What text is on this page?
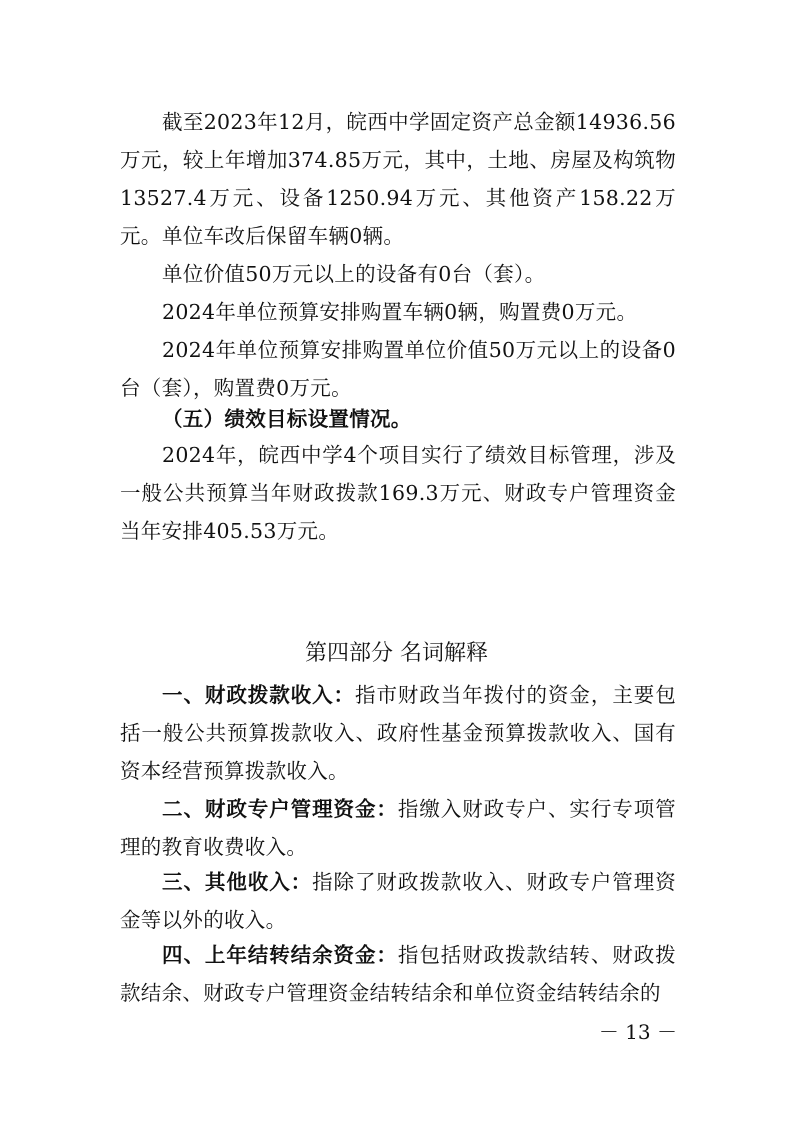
截至2023年12月，皖西中学固定资产总金额14936.56万元，较上年增加374.85万元，其中，土地、房屋及构筑物13527.4万元、设备1250.94万元、其他资产158.22万元。 单位车改后保留车辆0辆。

单位价值50万元以上的设备有0台（套）。

2024年单位预算安排购置车辆0辆，购置费0万元。

2024年单位预算安排购置单位价值50万元以上的设备0台（套），购置费0万元。

（五）绩效目标设置情况。

2024年，皖西中学4个项目实行了绩效目标管理，涉及一般公共预算当年财政拨款169.3万元、财政专户管理资金当年安排405.53万元。

第四部分 名词解释

一、财政拨款收入：指市财政当年拨付的资金，主要包括一般公共预算拨款收入、政府性基金预算拨款收入、国有资本经营预算拨款收入。

二、财政专户管理资金：指缴入财政专户、实行专项管理的教育收费收入。

三、其他收入：指除了财政拨款收入、财政专户管理资金等以外的收入。

四、上年结转结余资金：指包括财政拨款结转、财政拨款结余、财政专户管理资金结转结余和单位资金结转结余的

－ 13 －
